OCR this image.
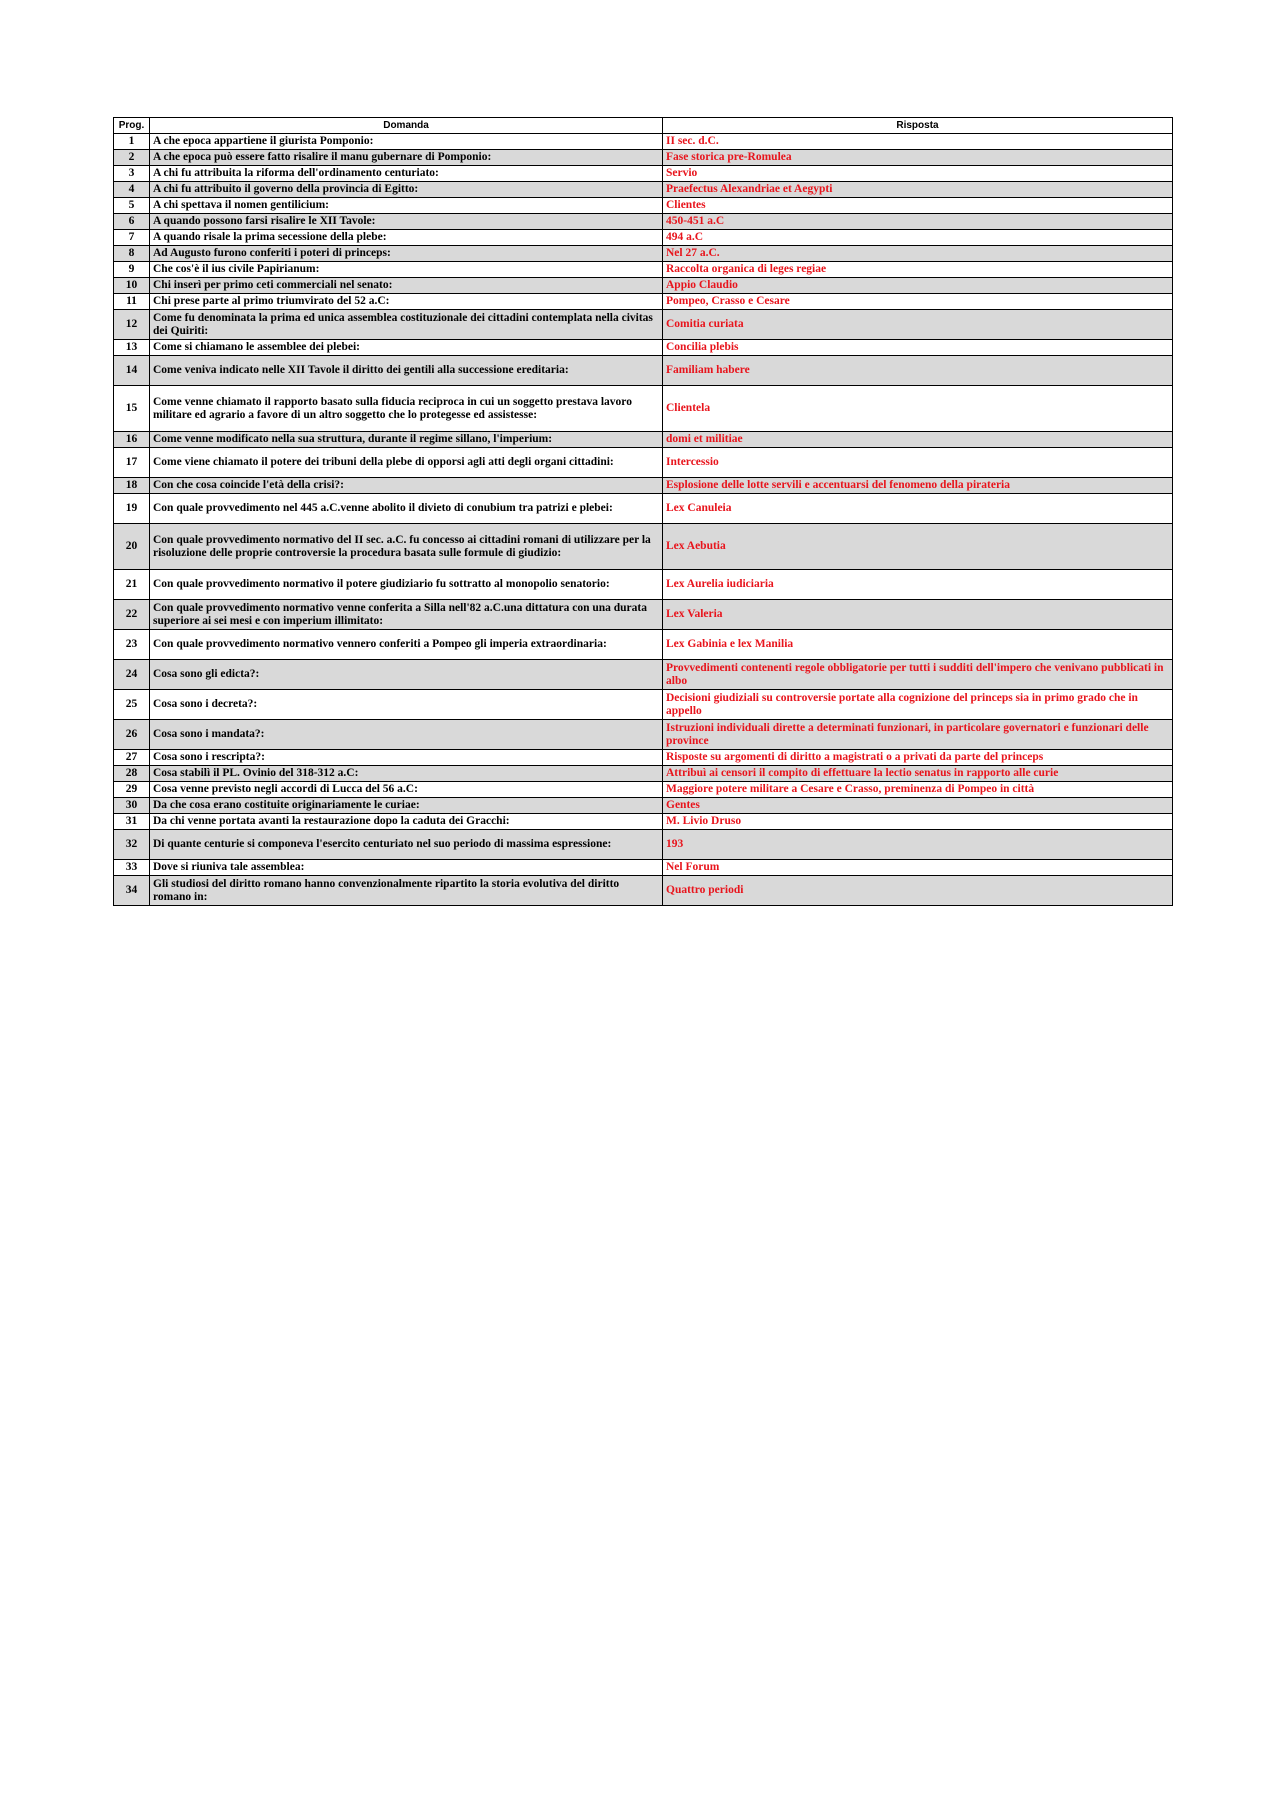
Prog.	Domanda	Risposta
1	A che epoca appartiene il giurista Pomponio:	II sec. d.C.
2	A che epoca può essere fatto risalire il manu gubernare di Pomponio:	Fase storica pre-Romulea
3	A chi fu attribuita la riforma dell'ordinamento centuriato:	Servio
4	A chi fu attribuito il governo della provincia di Egitto:	Praefectus Alexandriae et Aegypti
5	A chi spettava il nomen gentilicium:	Clientes
6	A quando possono farsi risalire le XII Tavole:	450-451 a.C
7	A quando risale la prima secessione della plebe:	494 a.C
8	Ad Augusto furono conferiti i poteri di princeps:	Nel 27 a.C.
9	Che cos'è il ius civile Papirianum:	Raccolta organica di leges regiae
10	Chi inserì per primo ceti commerciali nel senato:	Appio Claudio
11	Chi prese parte al primo triumvirato del 52 a.C:	Pompeo, Crasso e Cesare
12	Come fu denominata la prima ed unica assemblea costituzionale dei cittadini contemplata nella civitas dei Quiriti:	Comitia curiata
13	Come si chiamano le assemblee dei plebei:	Concilia plebis
14	Come veniva indicato nelle XII Tavole il diritto dei gentili alla successione ereditaria:	Familiam habere
15	Come venne chiamato il rapporto basato sulla fiducia reciproca in cui un soggetto prestava lavoro militare ed agrario a favore di un altro soggetto che lo protegesse ed assistesse:	Clientela
16	Come venne modificato nella sua struttura, durante il regime sillano, l'imperium:	domi et militiae
17	Come viene chiamato il potere dei tribuni della plebe di opporsi agli atti degli organi cittadini:	Intercessio
18	Con che cosa coincide l'età della crisi?:	Esplosione delle lotte servili e accentuarsi del fenomeno della pirateria
19	Con quale provvedimento nel 445 a.C.venne abolito il divieto di conubium tra patrizi e plebei:	Lex Canuleia
20	Con quale provvedimento normativo del II sec. a.C. fu concesso ai cittadini romani di utilizzare per la risoluzione delle proprie controversie la procedura basata sulle formule di giudizio:	Lex Aebutia
21	Con quale provvedimento normativo il potere giudiziario fu sottratto al monopolio senatorio:	Lex Aurelia iudiciaria
22	Con quale provvedimento normativo venne conferita a Silla nell'82 a.C.una dittatura con una durata superiore ai sei mesi e con imperium illimitato:	Lex Valeria
23	Con quale provvedimento normativo vennero conferiti a Pompeo gli imperia extraordinaria:	Lex Gabinia e lex Manilia
24	Cosa sono gli edicta?:	Provvedimenti contenenti regole obbligatorie per tutti i sudditi dell'impero che venivano pubblicati in albo
25	Cosa sono i decreta?:	Decisioni giudiziali su controversie portate alla cognizione del princeps sia in primo grado che in appello
26	Cosa sono i mandata?:	Istruzioni individuali dirette a determinati funzionari, in particolare governatori e funzionari delle province
27	Cosa sono i rescripta?:	Risposte su argomenti di diritto a magistrati o a privati da parte del princeps
28	Cosa stabilì il PL. Ovinio del 318-312 a.C:	Attribuì ai censori il compito di effettuare la lectio senatus in rapporto alle curie
29	Cosa venne previsto negli accordi di Lucca del 56 a.C:	Maggiore potere militare a Cesare e Crasso, preminenza di Pompeo in città
30	Da che cosa erano costituite originariamente le curiae:	Gentes
31	Da chi venne portata avanti la restaurazione dopo la caduta dei Gracchi:	M. Livio Druso
32	Di quante centurie si componeva l'esercito centuriato nel suo periodo di massima espressione:	193
33	Dove si riuniva tale assemblea:	Nel Forum
34	Gli studiosi del diritto romano hanno convenzionalmente ripartito la storia evolutiva del diritto romano in:	Quattro periodi
